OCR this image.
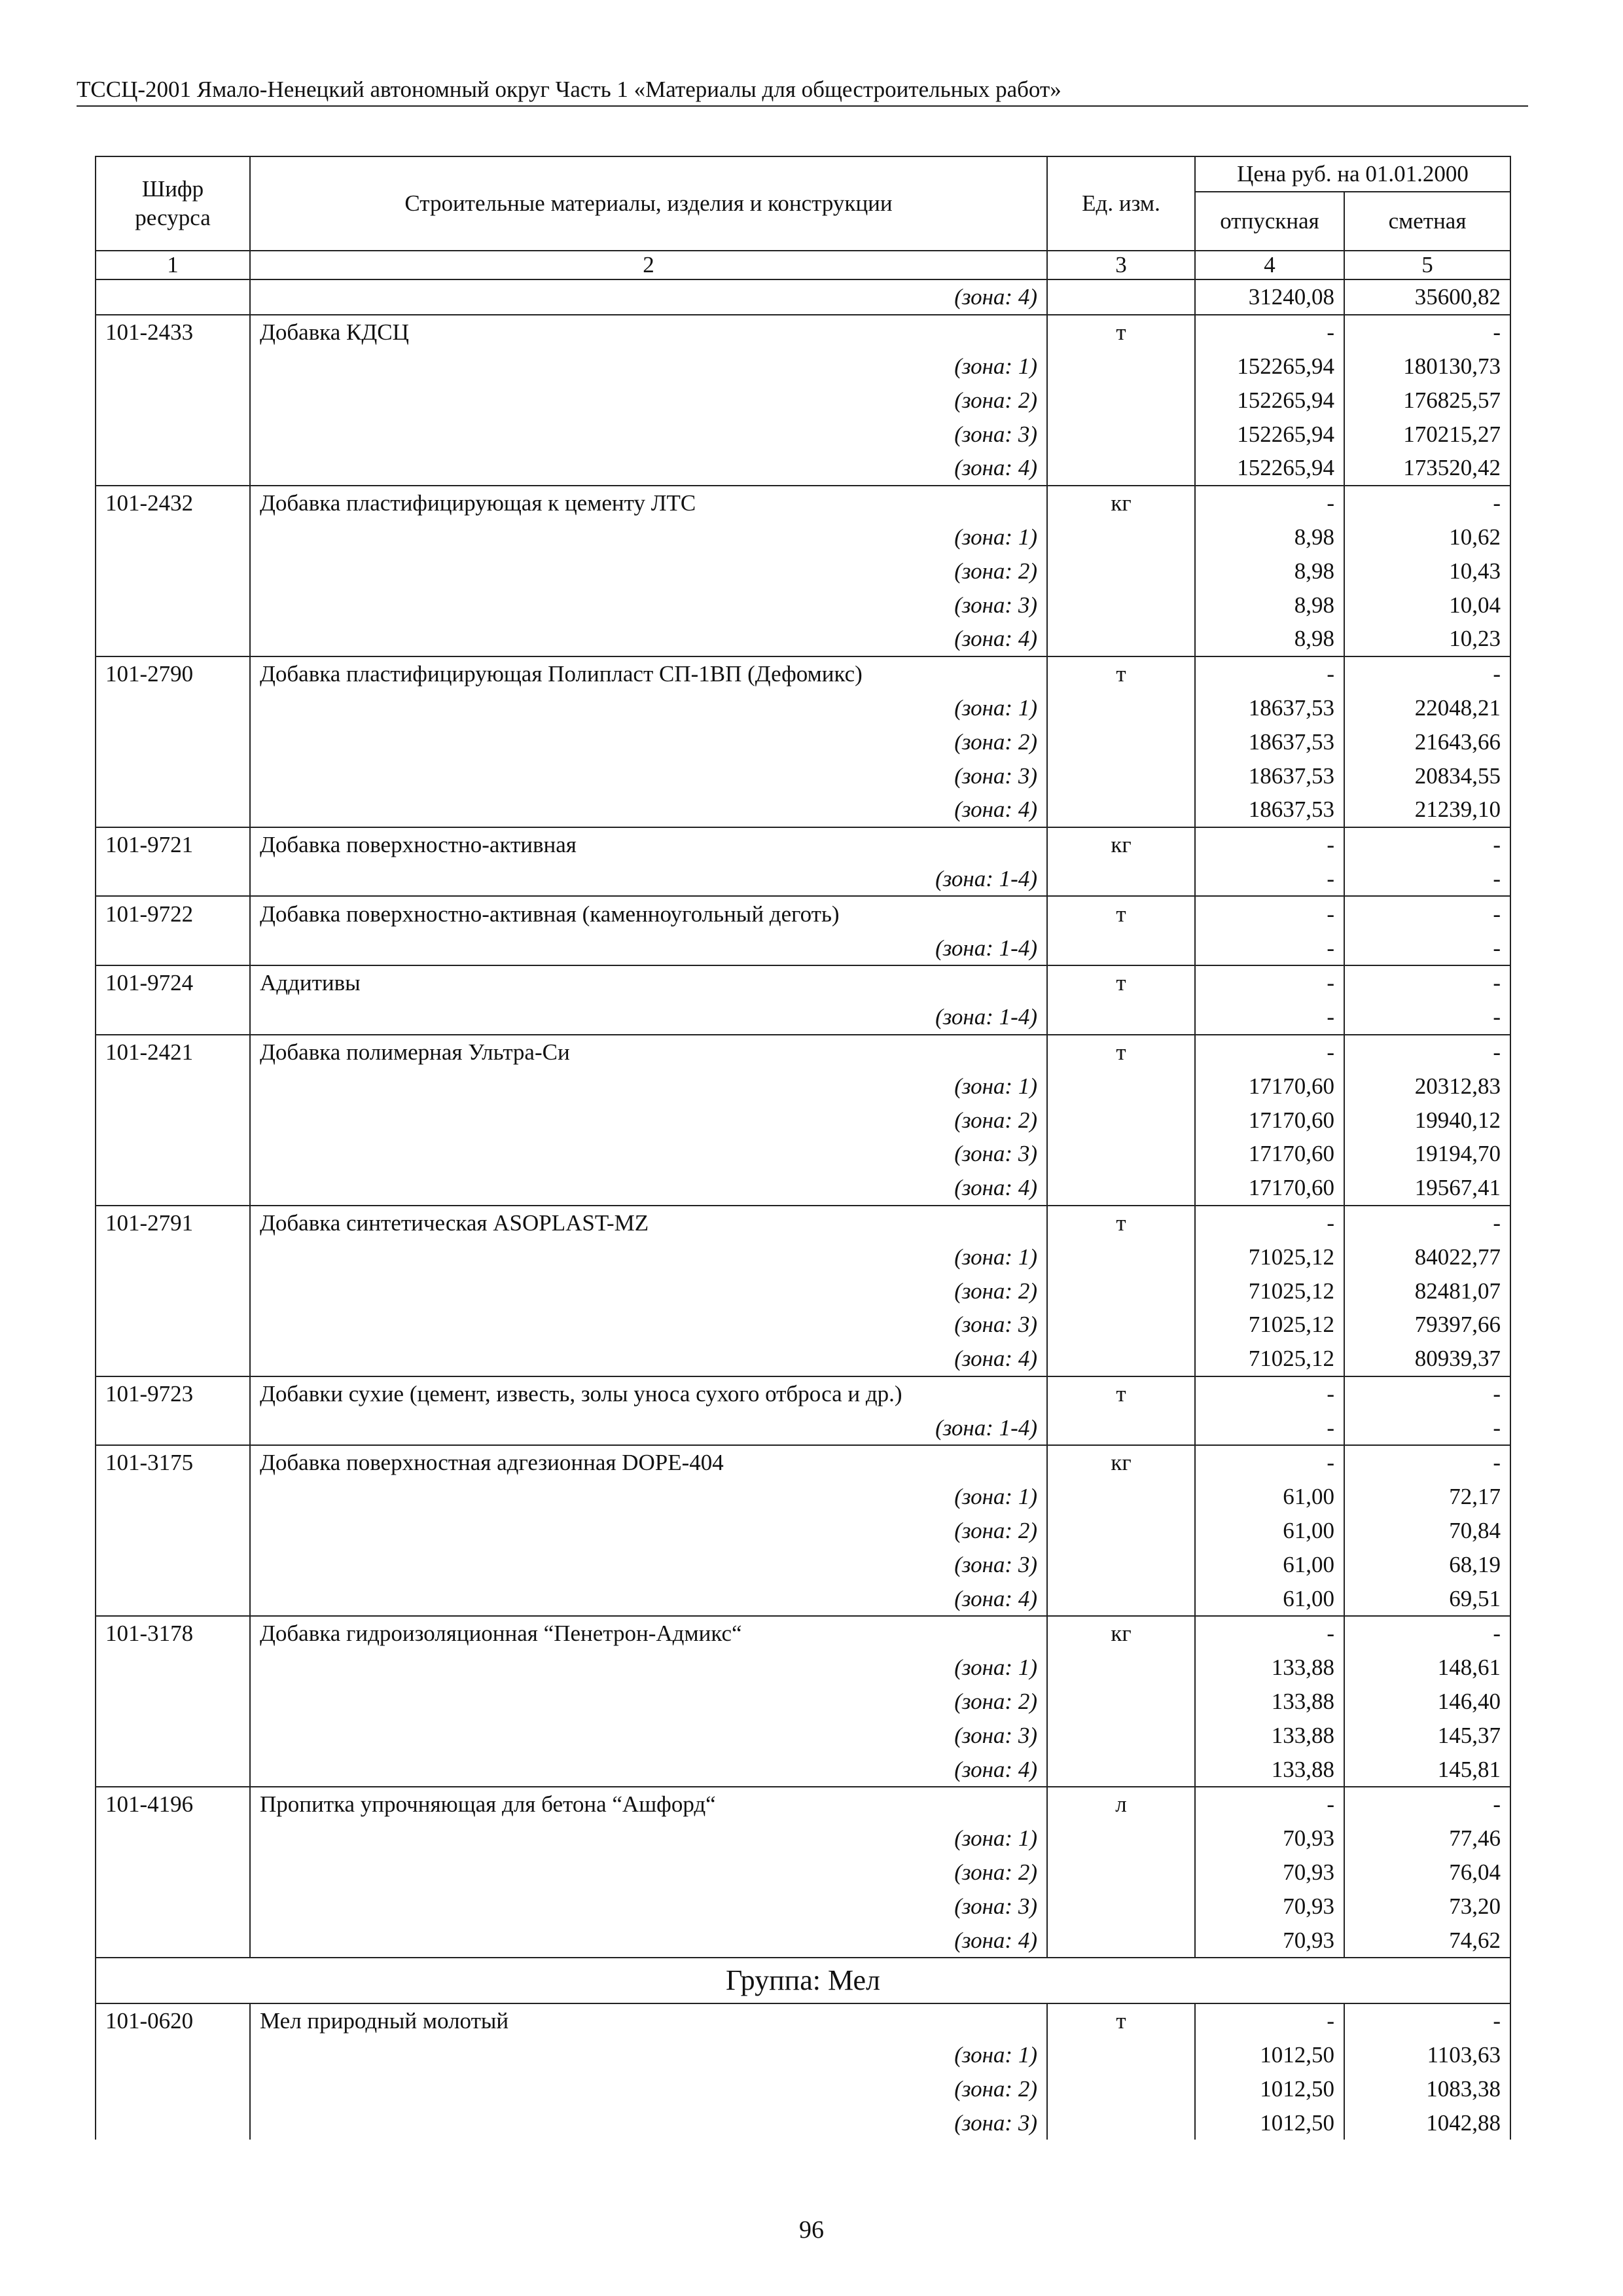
ТССЦ-2001 Ямало-Ненецкий автономный округ Часть 1 «Материалы для общестроительных работ»
Шифр ресурса	Строительные материалы, изделия и конструкции	Ед. изм.	Цена руб. на 01.01.2000	
			отпускная	сметная
1	2	3	4	5
	(зона: 4)		31240,08	35600,82
101-2433	Добавка КДСЦ	т	-	-
	(зона: 1)		152265,94	180130,73
	(зона: 2)		152265,94	176825,57
	(зона: 3)		152265,94	170215,27
	(зона: 4)		152265,94	173520,42
101-2432	Добавка пластифицирующая к цементу ЛТС	кг	-	-
	(зона: 1)		8,98	10,62
	(зона: 2)		8,98	10,43
	(зона: 3)		8,98	10,04
	(зона: 4)		8,98	10,23
101-2790	Добавка пластифицирующая Полипласт СП-1ВП (Дефомикс)	т	-	-
	(зона: 1)		18637,53	22048,21
	(зона: 2)		18637,53	21643,66
	(зона: 3)		18637,53	20834,55
	(зона: 4)		18637,53	21239,10
101-9721	Добавка поверхностно-активная	кг	-	-
	(зона: 1-4)		-	-
101-9722	Добавка поверхностно-активная (каменноугольный деготь)	т	-	-
	(зона: 1-4)		-	-
101-9724	Аддитивы	т	-	-
	(зона: 1-4)		-	-
101-2421	Добавка полимерная Ультра-Си	т	-	-
	(зона: 1)		17170,60	20312,83
	(зона: 2)		17170,60	19940,12
	(зона: 3)		17170,60	19194,70
	(зона: 4)		17170,60	19567,41
101-2791	Добавка синтетическая ASOPLAST-MZ	т	-	-
	(зона: 1)		71025,12	84022,77
	(зона: 2)		71025,12	82481,07
	(зона: 3)		71025,12	79397,66
	(зона: 4)		71025,12	80939,37
101-9723	Добавки сухие (цемент, известь, золы уноса сухого отброса и др.)	т	-	-
	(зона: 1-4)		-	-
101-3175	Добавка поверхностная адгезионная DOPE-404	кг	-	-
	(зона: 1)		61,00	72,17
	(зона: 2)		61,00	70,84
	(зона: 3)		61,00	68,19
	(зона: 4)		61,00	69,51
101-3178	Добавка гидроизоляционная “Пенетрон-Адмикс“	кг	-	-
	(зона: 1)		133,88	148,61
	(зона: 2)		133,88	146,40
	(зона: 3)		133,88	145,37
	(зона: 4)		133,88	145,81
101-4196	Пропитка упрочняющая для бетона “Ашфорд“	л	-	-
	(зона: 1)		70,93	77,46
	(зона: 2)		70,93	76,04
	(зона: 3)		70,93	73,20
	(зона: 4)		70,93	74,62
Группа: Мел				
101-0620	Мел природный молотый	т	-	-
	(зона: 1)		1012,50	1103,63
	(зона: 2)		1012,50	1083,38
	(зона: 3)		1012,50	1042,88
96
